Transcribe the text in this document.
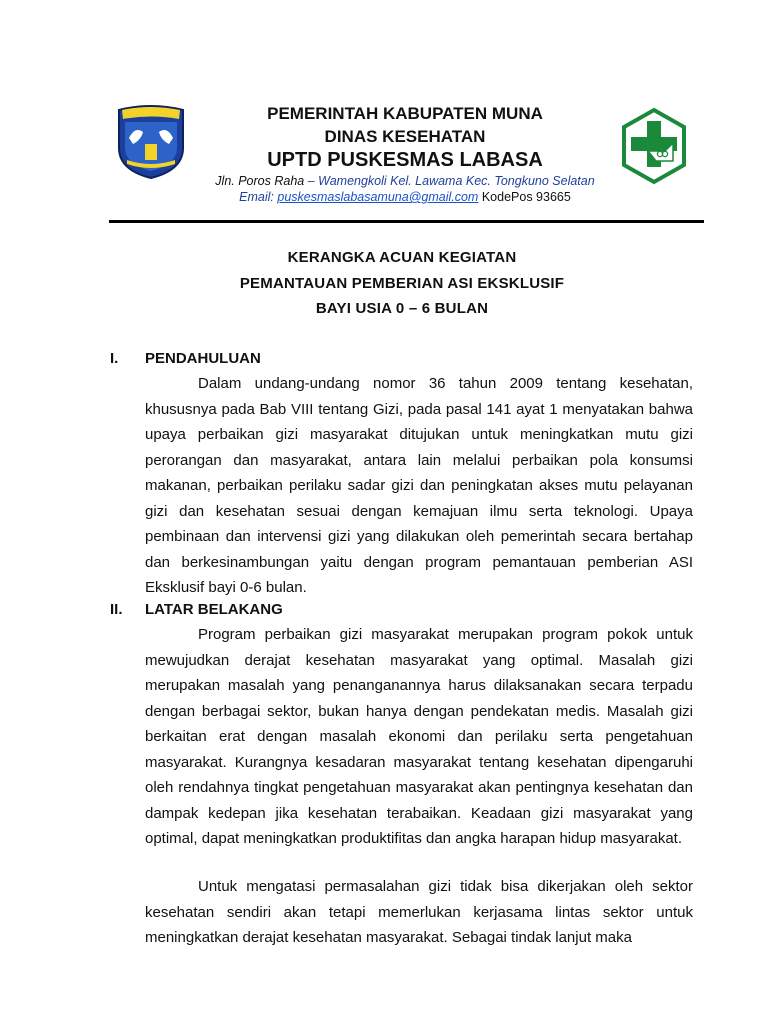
PEMERINTAH KABUPATEN MUNA
DINAS KESEHATAN
UPTD PUSKESMAS LABASA
Jln. Poros Raha – Wamengkoli Kel. Lawama Kec. Tongkuno Selatan
Email: puskesmaslabasamuna@gmail.com KodePos 93665
KERANGKA ACUAN KEGIATAN
PEMANTAUAN PEMBERIAN ASI EKSKLUSIF
BAYI USIA 0 – 6 BULAN
I. PENDAHULUAN

Dalam undang-undang nomor 36 tahun 2009 tentang kesehatan, khususnya pada Bab VIII tentang Gizi, pada pasal 141 ayat 1 menyatakan bahwa upaya perbaikan gizi masyarakat ditujukan untuk meningkatkan mutu gizi perorangan dan masyarakat, antara lain melalui perbaikan pola konsumsi makanan, perbaikan perilaku sadar gizi dan peningkatan akses mutu pelayanan gizi dan kesehatan sesuai dengan kemajuan ilmu serta teknologi. Upaya pembinaan dan intervensi gizi yang dilakukan oleh pemerintah secara bertahap dan berkesinambungan yaitu dengan program pemantauan pemberian ASI Eksklusif bayi 0-6 bulan.

II. LATAR BELAKANG

Program perbaikan gizi masyarakat merupakan program pokok untuk mewujudkan derajat kesehatan masyarakat yang optimal. Masalah gizi merupakan masalah yang penanganannya harus dilaksanakan secara terpadu dengan berbagai sektor, bukan hanya dengan pendekatan medis. Masalah gizi berkaitan erat dengan masalah ekonomi dan perilaku serta pengetahuan masyarakat. Kurangnya kesadaran masyarakat tentang kesehatan dipengaruhi oleh rendahnya tingkat pengetahuan masyarakat akan pentingnya kesehatan dan dampak kedepan jika kesehatan terabaikan. Keadaan gizi masyarakat yang optimal, dapat meningkatkan produktifitas dan angka harapan hidup masyarakat.

Untuk mengatasi permasalahan gizi tidak bisa dikerjakan oleh sektor kesehatan sendiri akan tetapi memerlukan kerjasama lintas sektor untuk meningkatkan derajat kesehatan masyarakat. Sebagai tindak lanjut maka
